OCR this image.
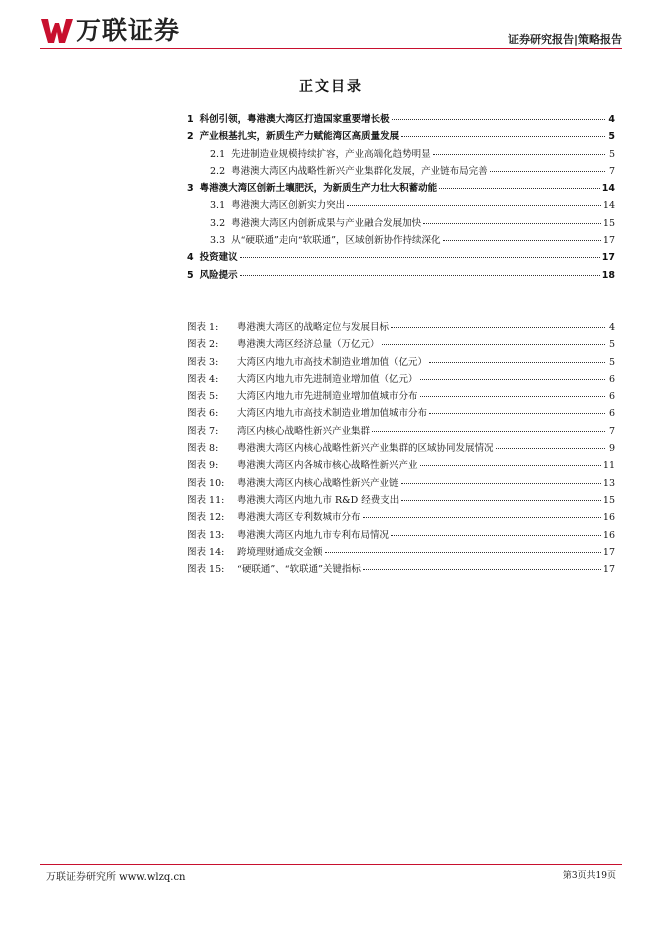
万联证券	证券研究报告|策略报告
正文目录
1 科创引领，粤港澳大湾区打造国家重要增长极	4
2 产业根基扎实，新质生产力赋能湾区高质量发展	5
2.1 先进制造业规模持续扩容，产业高端化趋势明显	5
2.2 粤港澳大湾区内战略性新兴产业集群化发展，产业链布局完善	7
3 粤港澳大湾区创新土壤肥沃，为新质生产力壮大积蓄动能	14
3.1 粤港澳大湾区创新实力突出	14
3.2 粤港澳大湾区内创新成果与产业融合发展加快	15
3.3 从“硬联通”走向“软联通”，区域创新协作持续深化	17
4 投资建议	17
5 风险提示	18
图表 1:	粤港澳大湾区的战略定位与发展目标	4
图表 2:	粤港澳大湾区经济总量（万亿元）	5
图表 3:	大湾区内地九市高技术制造业增加值（亿元）	5
图表 4:	大湾区内地九市先进制造业增加值（亿元）	6
图表 5:	大湾区内地九市先进制造业增加值城市分布	6
图表 6:	大湾区内地九市高技术制造业增加值城市分布	6
图表 7:	湾区内核心战略性新兴产业集群	7
图表 8:	粤港澳大湾区内核心战略性新兴产业集群的区域协同发展情况	9
图表 9:	粤港澳大湾区内各城市核心战略性新兴产业	11
图表 10:	粤港澳大湾区内核心战略性新兴产业链	13
图表 11:	粤港澳大湾区内地九市 R&D 经费支出	15
图表 12:	粤港澳大湾区专利数城市分布	16
图表 13:	粤港澳大湾区内地九市专利布局情况	16
图表 14:	跨境理财通成交金额	17
图表 15:	“硬联通”、“软联通”关键指标	17
万联证券研究所 www.wlzq.cn	第3页共19页
